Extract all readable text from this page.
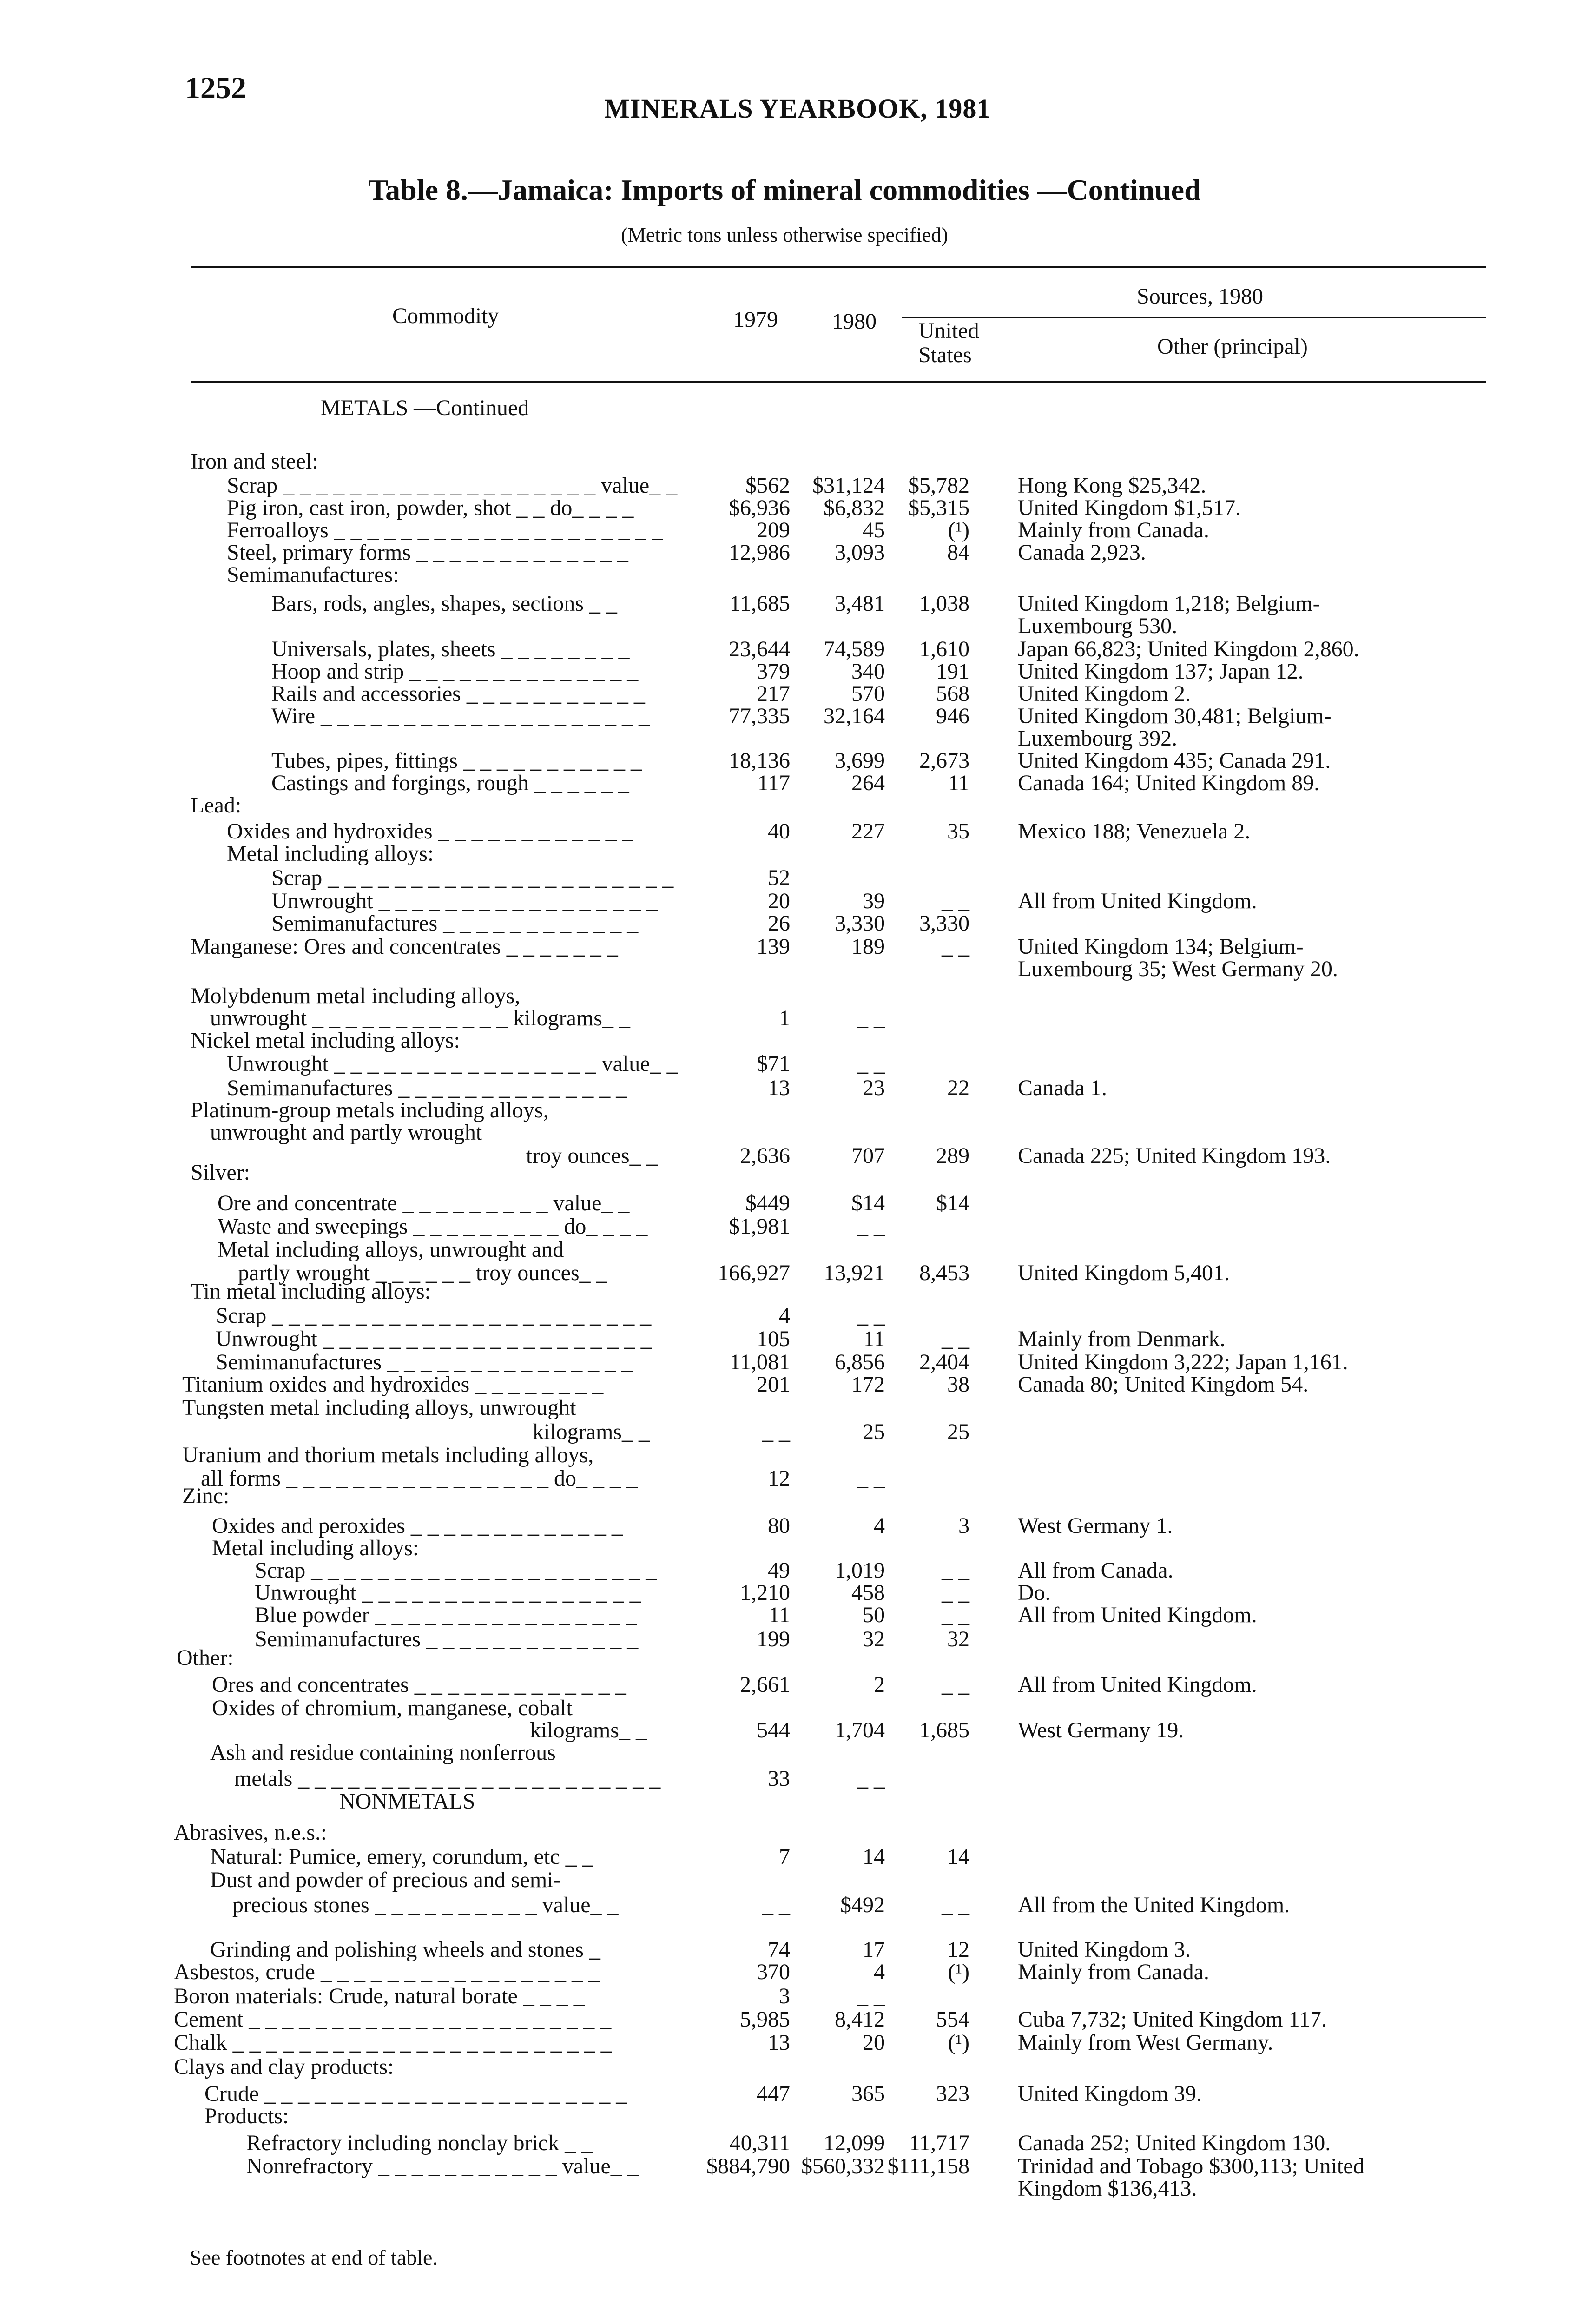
1252
MINERALS YEARBOOK, 1981
Table 8.—Jamaica: Imports of mineral commodities —Continued
(Metric tons unless otherwise specified)
Commodity	1979 1980
Sources, 1980
United States	Other (principal)
METALS —Continued
NONMETALS
Iron and steel:
Scrap _ _ _ _ _ _ _ _ _ _ _ _ _ _ _ _ _ _ _ value_ _	$562 $31,124 $5,782 Hong Kong $25,342.
Pig iron, cast iron, powder, shot _ _ do_ _ _ _	$6,936 $6,832 $5,315 United Kingdom $1,517.
Ferroalloys _ _ _ _ _ _ _ _ _ _ _ _ _ _ _ _ _ _ _ _	209	45	(¹) Mainly from Canada.
Steel, primary forms _ _ _ _ _ _ _ _ _ _ _ _ _	12,986 3,093	84 Canada 2,923.
Semimanufactures:
Bars, rods, angles, shapes, sections _ _	11,685 3,481 1,038 United Kingdom 1,218; Belgium-
Luxembourg 530.
Universals, plates, sheets _ _ _ _ _ _ _ _	23,644 74,589 1,610 Japan 66,823; United Kingdom 2,860.
Hoop and strip _ _ _ _ _ _ _ _ _ _ _ _ _ _	379	340 191 United Kingdom 137; Japan 12.
Rails and accessories _ _ _ _ _ _ _ _ _ _ _	217	570 568 United Kingdom 2.
Wire _ _ _ _ _ _ _ _ _ _ _ _ _ _ _ _ _ _ _ _	77,335 32,164 946 United Kingdom 30,481; Belgium-
Luxembourg 392.
Tubes, pipes, fittings _ _ _ _ _ _ _ _ _ _ _	18,136 3,699 2,673 United Kingdom 435; Canada 291.
Castings and forgings, rough _ _ _ _ _ _	117	264	11 Canada 164; United Kingdom 89.
Lead:
Oxides and hydroxides _ _ _ _ _ _ _ _ _ _ _ _	40	227	35 Mexico 188; Venezuela 2.
Metal including alloys:
Scrap _ _ _ _ _ _ _ _ _ _ _ _ _ _ _ _ _ _ _ _ _	52
Unwrought _ _ _ _ _ _ _ _ _ _ _ _ _ _ _ _ _	20	39	_ _ All from United Kingdom.
Semimanufactures _ _ _ _ _ _ _ _ _ _ _ _	26 3,330 3,330
Manganese: Ores and concentrates _ _ _ _ _ _ _	139	189	_ _ United Kingdom 134; Belgium-
Luxembourg 35; West Germany 20.
Molybdenum metal including alloys,
unwrought _ _ _ _ _ _ _ _ _ _ _ _ kilograms_ _	1	_ _
Nickel metal including alloys:
Unwrought _ _ _ _ _ _ _ _ _ _ _ _ _ _ _ _ value_ _	$71	_ _
Semimanufactures _ _ _ _ _ _ _ _ _ _ _ _ _ _	13	23	22 Canada 1.
Platinum-group metals including alloys,
unwrought and partly wrought
troy ounces_ _	2,636	707 289 Canada 225; United Kingdom 193.
Silver:
Ore and concentrate _ _ _ _ _ _ _ _ _ value_ _	$449	$14 $14
Waste and sweepings _ _ _ _ _ _ _ _ _ do_ _ _ _	$1,981	_ _
Metal including alloys, unwrought and
partly wrought _ _ _ _ _ _ troy ounces_ _	166,927 13,921 8,453 United Kingdom 5,401.
Tin metal including alloys:
Scrap _ _ _ _ _ _ _ _ _ _ _ _ _ _ _ _ _ _ _ _ _ _ _	4	_ _
Unwrought _ _ _ _ _ _ _ _ _ _ _ _ _ _ _ _ _ _ _ _	105	11	_ _ Mainly from Denmark.
Semimanufactures _ _ _ _ _ _ _ _ _ _ _ _ _ _ _	11,081 6,856 2,404 United Kingdom 3,222; Japan 1,161.
Titanium oxides and hydroxides _ _ _ _ _ _ _ _	201	172	38 Canada 80; United Kingdom 54.
Tungsten metal including alloys, unwrought
kilograms_ _	_ _	25	25
Uranium and thorium metals including alloys,
all forms _ _ _ _ _ _ _ _ _ _ _ _ _ _ _ _ do_ _ _ _	12	_ _
Zinc:
Oxides and peroxides _ _ _ _ _ _ _ _ _ _ _ _ _	80	4	3 West Germany 1.
Metal including alloys:
Scrap _ _ _ _ _ _ _ _ _ _ _ _ _ _ _ _ _ _ _ _ _	49 1,019	_ _ All from Canada.
Unwrought _ _ _ _ _ _ _ _ _ _ _ _ _ _ _ _ _	1,210	458	_ _ Do.
Blue powder _ _ _ _ _ _ _ _ _ _ _ _ _ _ _ _	11	50	_ _ All from United Kingdom.
Semimanufactures _ _ _ _ _ _ _ _ _ _ _ _ _	199	32	32
Other:
Ores and concentrates _ _ _ _ _ _ _ _ _ _ _ _ _	2,661	2	_ _ All from United Kingdom.
Oxides of chromium, manganese, cobalt
kilograms_ _	544 1,704 1,685 West Germany 19.
Ash and residue containing nonferrous
metals _ _ _ _ _ _ _ _ _ _ _ _ _ _ _ _ _ _ _ _ _ _	33	_ _
Abrasives, n.e.s.:
Natural: Pumice, emery, corundum, etc _ _	7	14	14
Dust and powder of precious and semi-
precious stones _ _ _ _ _ _ _ _ _ _ value_ _	_ _ $492	_ _ All from the United Kingdom.
Grinding and polishing wheels and stones _	74	17	12 United Kingdom 3.
Asbestos, crude _ _ _ _ _ _ _ _ _ _ _ _ _ _ _ _ _	370	4	(¹) Mainly from Canada.
Boron materials: Crude, natural borate _ _ _ _	3	_ _
Cement _ _ _ _ _ _ _ _ _ _ _ _ _ _ _ _ _ _ _ _ _ _	5,985 8,412 554 Cuba 7,732; United Kingdom 117.
Chalk _ _ _ _ _ _ _ _ _ _ _ _ _ _ _ _ _ _ _ _ _ _ _	13	20	(¹) Mainly from West Germany.
Clays and clay products:
Crude _ _ _ _ _ _ _ _ _ _ _ _ _ _ _ _ _ _ _ _ _ _	447	365 323 United Kingdom 39.
Products:
Refractory including nonclay brick _ _	40,311 12,099 11,717 Canada 252; United Kingdom 130.
Nonrefractory _ _ _ _ _ _ _ _ _ _ _ value_ _	$884,790 $560,332 $111,158 Trinidad and Tobago $300,113; United
Kingdom $136,413.
See footnotes at end of table.
